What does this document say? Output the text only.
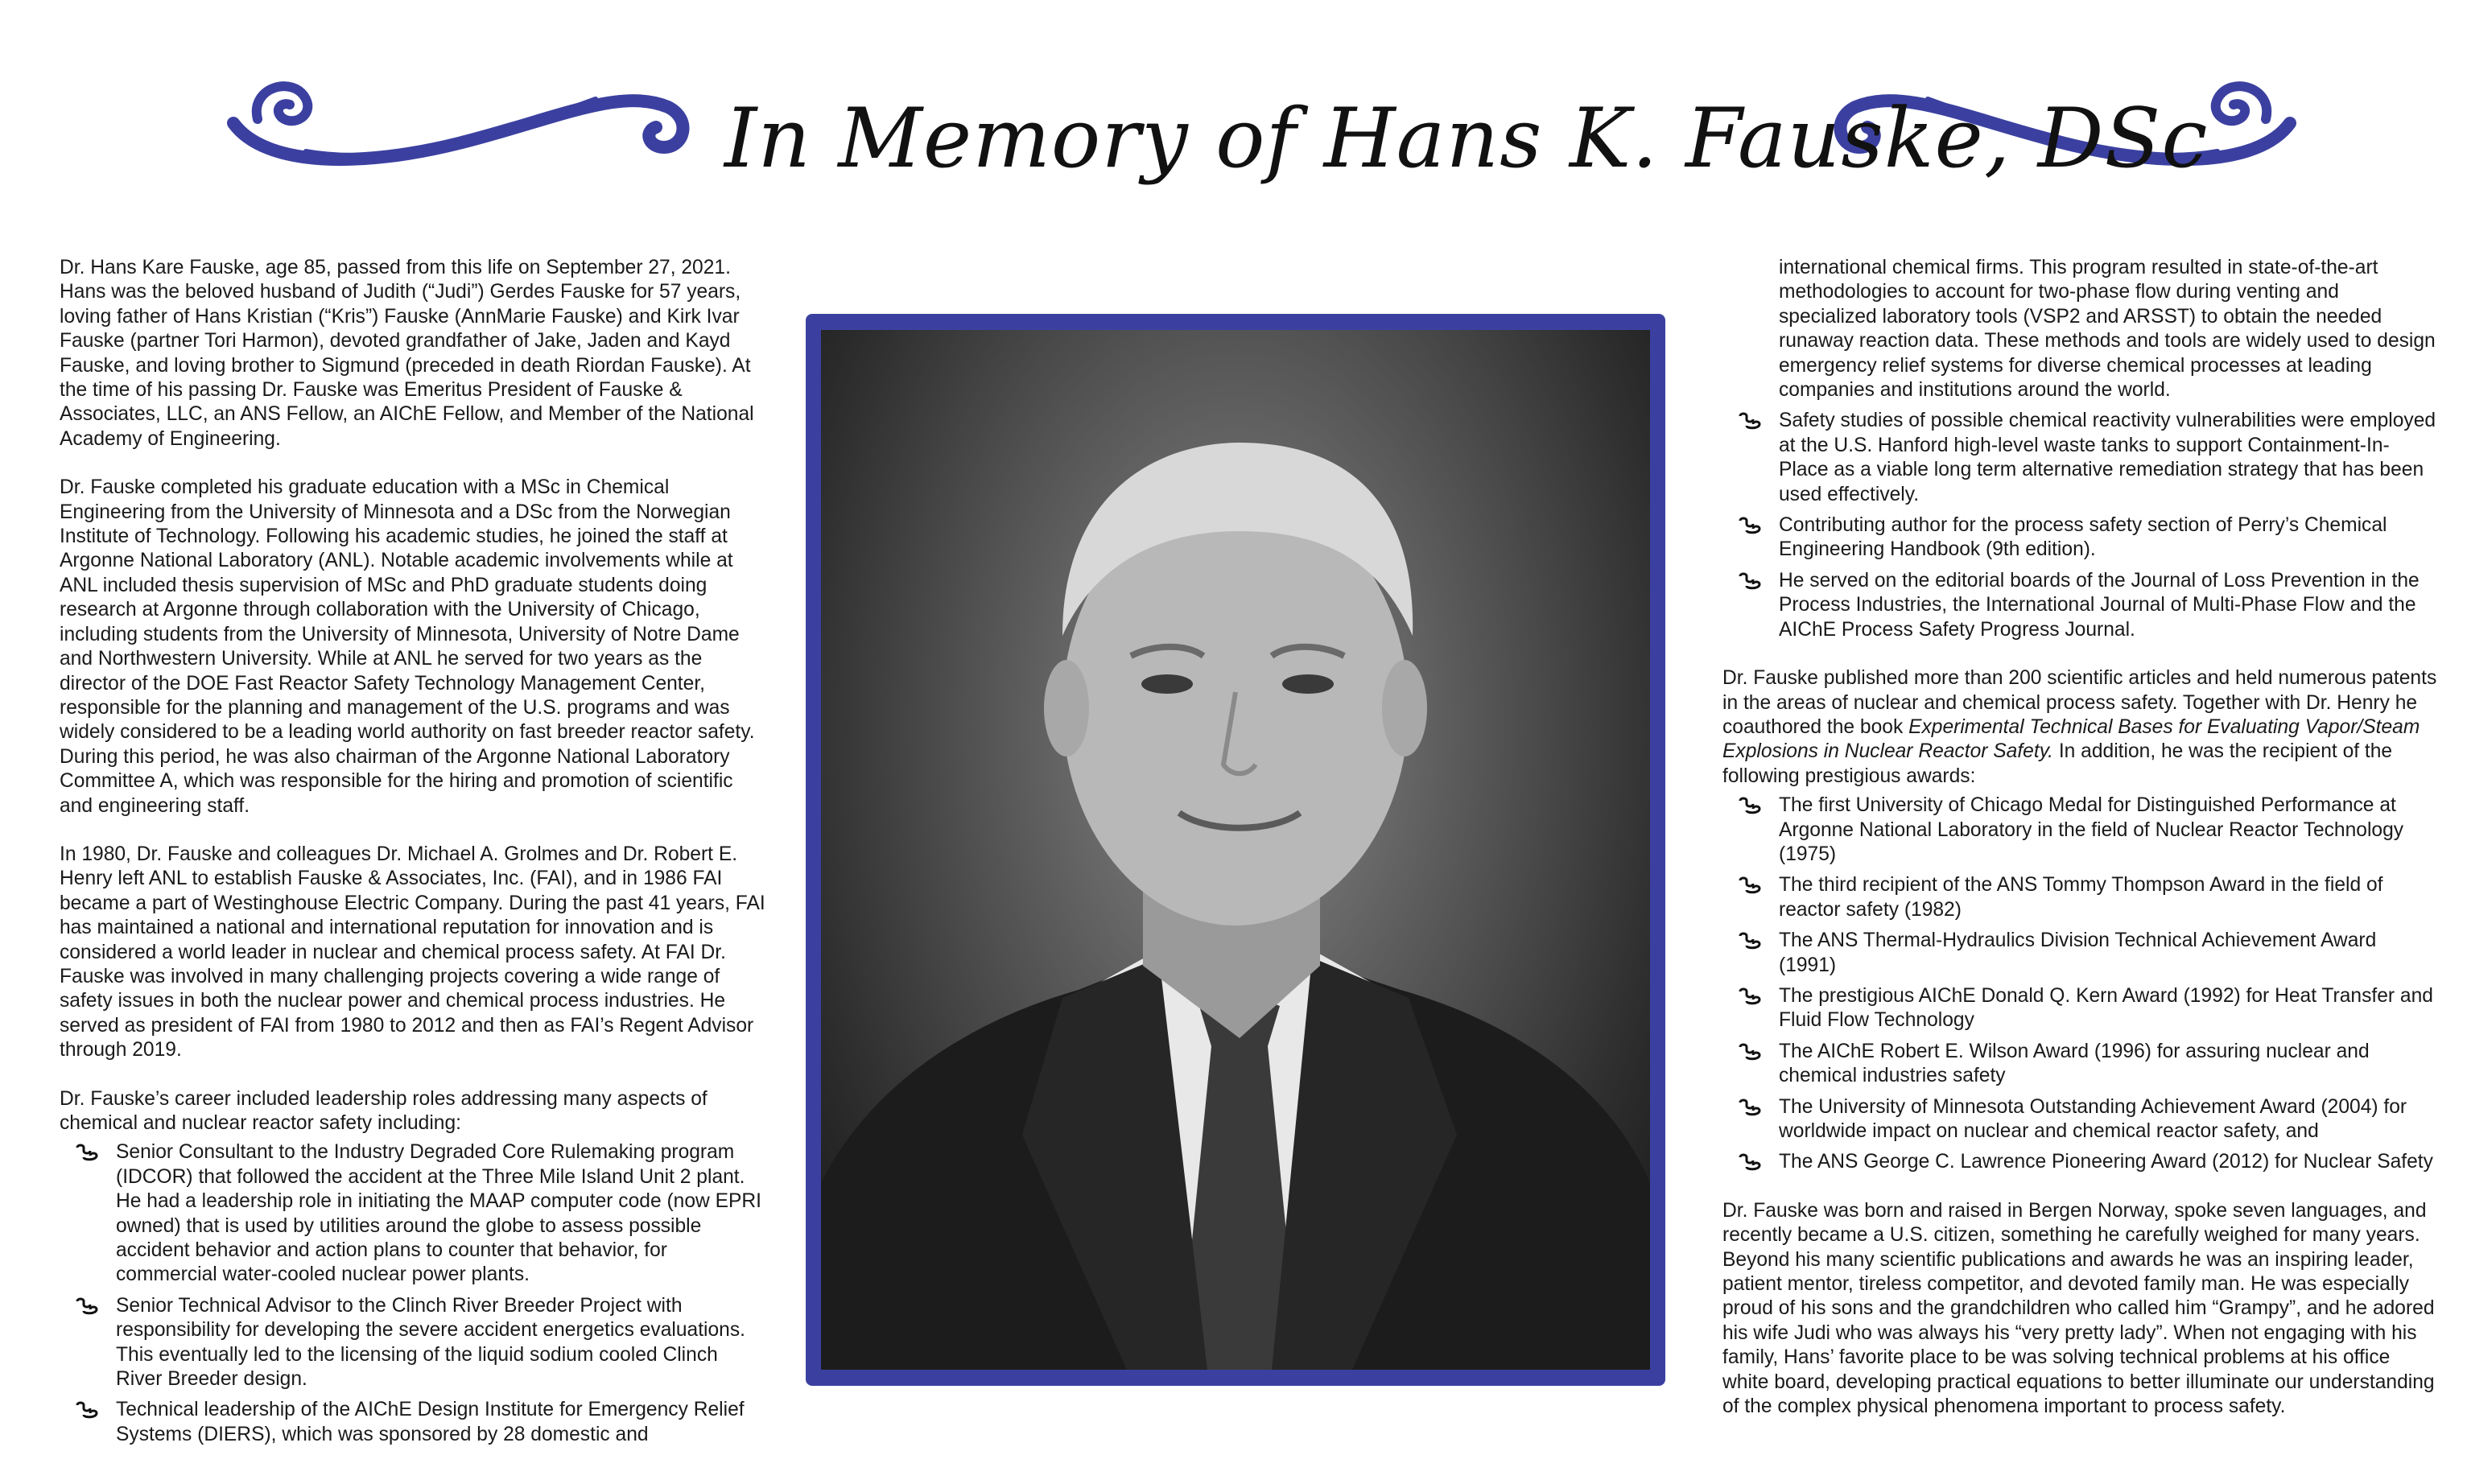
In Memory of Hans K. Fauske, DSc

Dr. Hans Kare Fauske, age 85, passed from this life on September 27, 2021. Hans was the beloved husband of Judith (“Judi”) Gerdes Fauske for 57 years, loving father of Hans Kristian (“Kris”) Fauske (AnnMarie Fauske) and Kirk Ivar Fauske (partner Tori Harmon), devoted grandfather of Jake, Jaden and Kayd Fauske, and loving brother to Sigmund (preceded in death Riordan Fauske). At the time of his passing Dr. Fauske was Emeritus President of Fauske & Associates, LLC, an ANS Fellow, an AIChE Fellow, and Member of the National Academy of Engineering.

Dr. Fauske completed his graduate education with a MSc in Chemical Engineering from the University of Minnesota and a DSc from the Norwegian Institute of Technology. Following his academic studies, he joined the staff at Argonne National Laboratory (ANL). Notable academic involvements while at ANL included thesis supervision of MSc and PhD graduate students doing research at Argonne through collaboration with the University of Chicago, including students from the University of Minnesota, University of Notre Dame and Northwestern University. While at ANL he served for two years as the director of the DOE Fast Reactor Safety Technology Management Center, responsible for the planning and management of the U.S. programs and was widely considered to be a leading world authority on fast breeder reactor safety. During this period, he was also chairman of the Argonne National Laboratory Committee A, which was responsible for the hiring and promotion of scientific and engineering staff.

In 1980, Dr. Fauske and colleagues Dr. Michael A. Grolmes and Dr. Robert E. Henry left ANL to establish Fauske & Associates, Inc. (FAI), and in 1986 FAI became a part of Westinghouse Electric Company. During the past 41 years, FAI has maintained a national and international reputation for innovation and is considered a world leader in nuclear and chemical process safety. At FAI Dr. Fauske was involved in many challenging projects covering a wide range of safety issues in both the nuclear power and chemical process industries. He served as president of FAI from 1980 to 2012 and then as FAI’s Regent Advisor through 2019.

Dr. Fauske’s career included leadership roles addressing many aspects of chemical and nuclear reactor safety including:

Senior Consultant to the Industry Degraded Core Rulemaking program (IDCOR) that followed the accident at the Three Mile Island Unit 2 plant. He had a leadership role in initiating the MAAP computer code (now EPRI owned) that is used by utilities around the globe to assess possible accident behavior and action plans to counter that behavior, for commercial water-cooled nuclear power plants.
Senior Technical Advisor to the Clinch River Breeder Project with responsibility for developing the severe accident energetics evaluations. This eventually led to the licensing of the liquid sodium cooled Clinch River Breeder design.
Technical leadership of the AIChE Design Institute for Emergency Relief Systems (DIERS), which was sponsored by 28 domestic and
international chemical firms. This program resulted in state-of-the-art methodologies to account for two-phase flow during venting and specialized laboratory tools (VSP2 and ARSST) to obtain the needed runaway reaction data. These methods and tools are widely used to design emergency relief systems for diverse chemical processes at leading companies and institutions around the world.
Safety studies of possible chemical reactivity vulnerabilities were employed at the U.S. Hanford high-level waste tanks to support Containment-In-Place as a viable long term alternative remediation strategy that has been used effectively.
Contributing author for the process safety section of Perry’s Chemical Engineering Handbook (9th edition).
He served on the editorial boards of the Journal of Loss Prevention in the Process Industries, the International Journal of Multi-Phase Flow and the AIChE Process Safety Progress Journal.

Dr. Fauske published more than 200 scientific articles and held numerous patents in the areas of nuclear and chemical process safety. Together with Dr. Henry he coauthored the book Experimental Technical Bases for Evaluating Vapor/Steam Explosions in Nuclear Reactor Safety. In addition, he was the recipient of the following prestigious awards:

The first University of Chicago Medal for Distinguished Performance at Argonne National Laboratory in the field of Nuclear Reactor Technology (1975)
The third recipient of the ANS Tommy Thompson Award in the field of reactor safety (1982)
The ANS Thermal-Hydraulics Division Technical Achievement Award (1991)
The prestigious AIChE Donald Q. Kern Award (1992) for Heat Transfer and Fluid Flow Technology
The AIChE Robert E. Wilson Award (1996) for assuring nuclear and chemical industries safety
The University of Minnesota Outstanding Achievement Award (2004) for worldwide impact on nuclear and chemical reactor safety, and
The ANS George C. Lawrence Pioneering Award (2012) for Nuclear Safety

Dr. Fauske was born and raised in Bergen Norway, spoke seven languages, and recently became a U.S. citizen, something he carefully weighed for many years. Beyond his many scientific publications and awards he was an inspiring leader, patient mentor, tireless competitor, and devoted family man. He was especially proud of his sons and the grandchildren who called him “Grampy”, and he adored his wife Judi who was always his “very pretty lady”. When not engaging with his family, Hans’ favorite place to be was solving technical problems at his office white board, developing practical equations to better illuminate our understanding of the complex physical phenomena important to process safety.
